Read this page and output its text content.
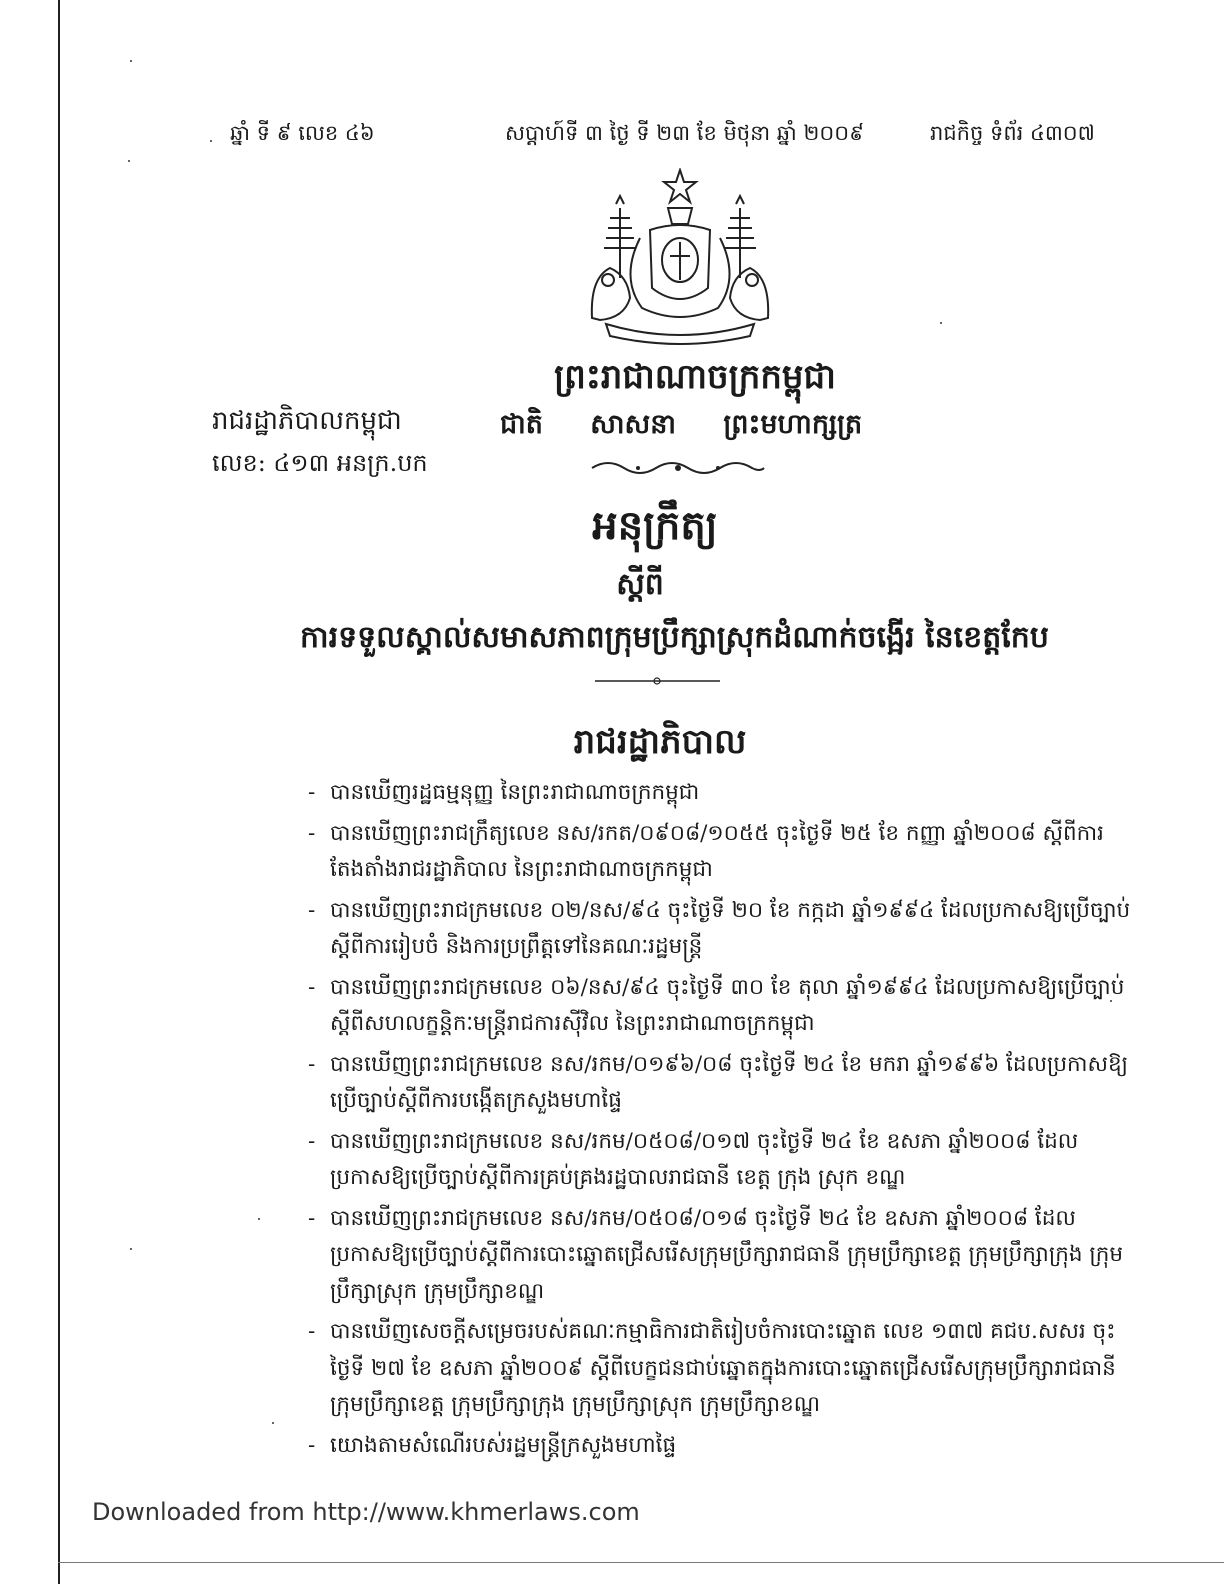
ឆ្នាំ ទី ៩ លេខ ៤៦	សប្តាហ៍ទី ៣ ថ្ងៃ ទី ២៣ ខែ មិថុនា ឆ្នាំ ២០០៩	រាជកិច្ច ទំព័រ ៤៣០៧
ព្រះរាជាណាចក្រកម្ពុជា
រាជរដ្ឋាភិបាលកម្ពុជា
លេខ: ៤១៣ អនក្រ.បក
ជាតិ សាសនា ព្រះមហាក្សត្រ
អនុក្រឹត្យ
ស្តីពី
ការទទួលស្គាល់សមាសភាពក្រុមប្រឹក្សាស្រុកដំណាក់ចង្អើរ នៃខេត្តកែប
រាជរដ្ឋាភិបាល
- បានឃើញរដ្ឋធម្មនុញ្ញ នៃព្រះរាជាណាចក្រកម្ពុជា
- បានឃើញព្រះរាជក្រឹត្យលេខ នស/រកត/០៩០៨/១០៥៥ ចុះថ្ងៃទី ២៥ ខែ កញ្ញា ឆ្នាំ២០០៨ ស្តីពីការតែងតាំងរាជរដ្ឋាភិបាល នៃព្រះរាជាណាចក្រកម្ពុជា
- បានឃើញព្រះរាជក្រមលេខ ០២/នស/៩៤ ចុះថ្ងៃទី ២០ ខែ កក្កដា ឆ្នាំ១៩៩៤ ដែលប្រកាសឱ្យប្រើច្បាប់ស្តីពីការរៀបចំ និងការប្រព្រឹត្តទៅនៃគណៈរដ្ឋមន្ត្រី
- បានឃើញព្រះរាជក្រមលេខ ០៦/នស/៩៤ ចុះថ្ងៃទី ៣០ ខែ តុលា ឆ្នាំ១៩៩៤ ដែលប្រកាសឱ្យប្រើច្បាប់ស្តីពីសហលក្ខន្តិកៈមន្ត្រីរាជការស៊ីវិល នៃព្រះរាជាណាចក្រកម្ពុជា
- បានឃើញព្រះរាជក្រមលេខ នស/រកម/០១៩៦/០៨ ចុះថ្ងៃទី ២៤ ខែ មករា ឆ្នាំ១៩៩៦ ដែលប្រកាសឱ្យប្រើច្បាប់ស្តីពីការបង្កើតក្រសួងមហាផ្ទៃ
- បានឃើញព្រះរាជក្រមលេខ នស/រកម/០៥០៨/០១៧ ចុះថ្ងៃទី ២៤ ខែ ឧសភា ឆ្នាំ២០០៨ ដែលប្រកាសឱ្យប្រើច្បាប់ស្តីពីការគ្រប់គ្រងរដ្ឋបាលរាជធានី ខេត្ត ក្រុង ស្រុក ខណ្ឌ
- បានឃើញព្រះរាជក្រមលេខ នស/រកម/០៥០៨/០១៨ ចុះថ្ងៃទី ២៤ ខែ ឧសភា ឆ្នាំ២០០៨ ដែលប្រកាសឱ្យប្រើច្បាប់ស្តីពីការបោះឆ្នោតជ្រើសរើសក្រុមប្រឹក្សារាជធានី ក្រុមប្រឹក្សាខេត្ត ក្រុមប្រឹក្សាក្រុង ក្រុមប្រឹក្សាស្រុក ក្រុមប្រឹក្សាខណ្ឌ
- បានឃើញសេចក្តីសម្រេចរបស់គណៈកម្មាធិការជាតិរៀបចំការបោះឆ្នោត លេខ ១៣៧ គជប.សសរ ចុះថ្ងៃទី ២៧ ខែ ឧសភា ឆ្នាំ២០០៩ ស្តីពីបេក្ខជនជាប់ឆ្នោតក្នុងការបោះឆ្នោតជ្រើសរើសក្រុមប្រឹក្សារាជធានី ក្រុមប្រឹក្សាខេត្ត ក្រុមប្រឹក្សាក្រុង ក្រុមប្រឹក្សាស្រុក ក្រុមប្រឹក្សាខណ្ឌ
- យោងតាមសំណើរបស់រដ្ឋមន្ត្រីក្រសួងមហាផ្ទៃ
Downloaded from http://www.khmerlaws.com
